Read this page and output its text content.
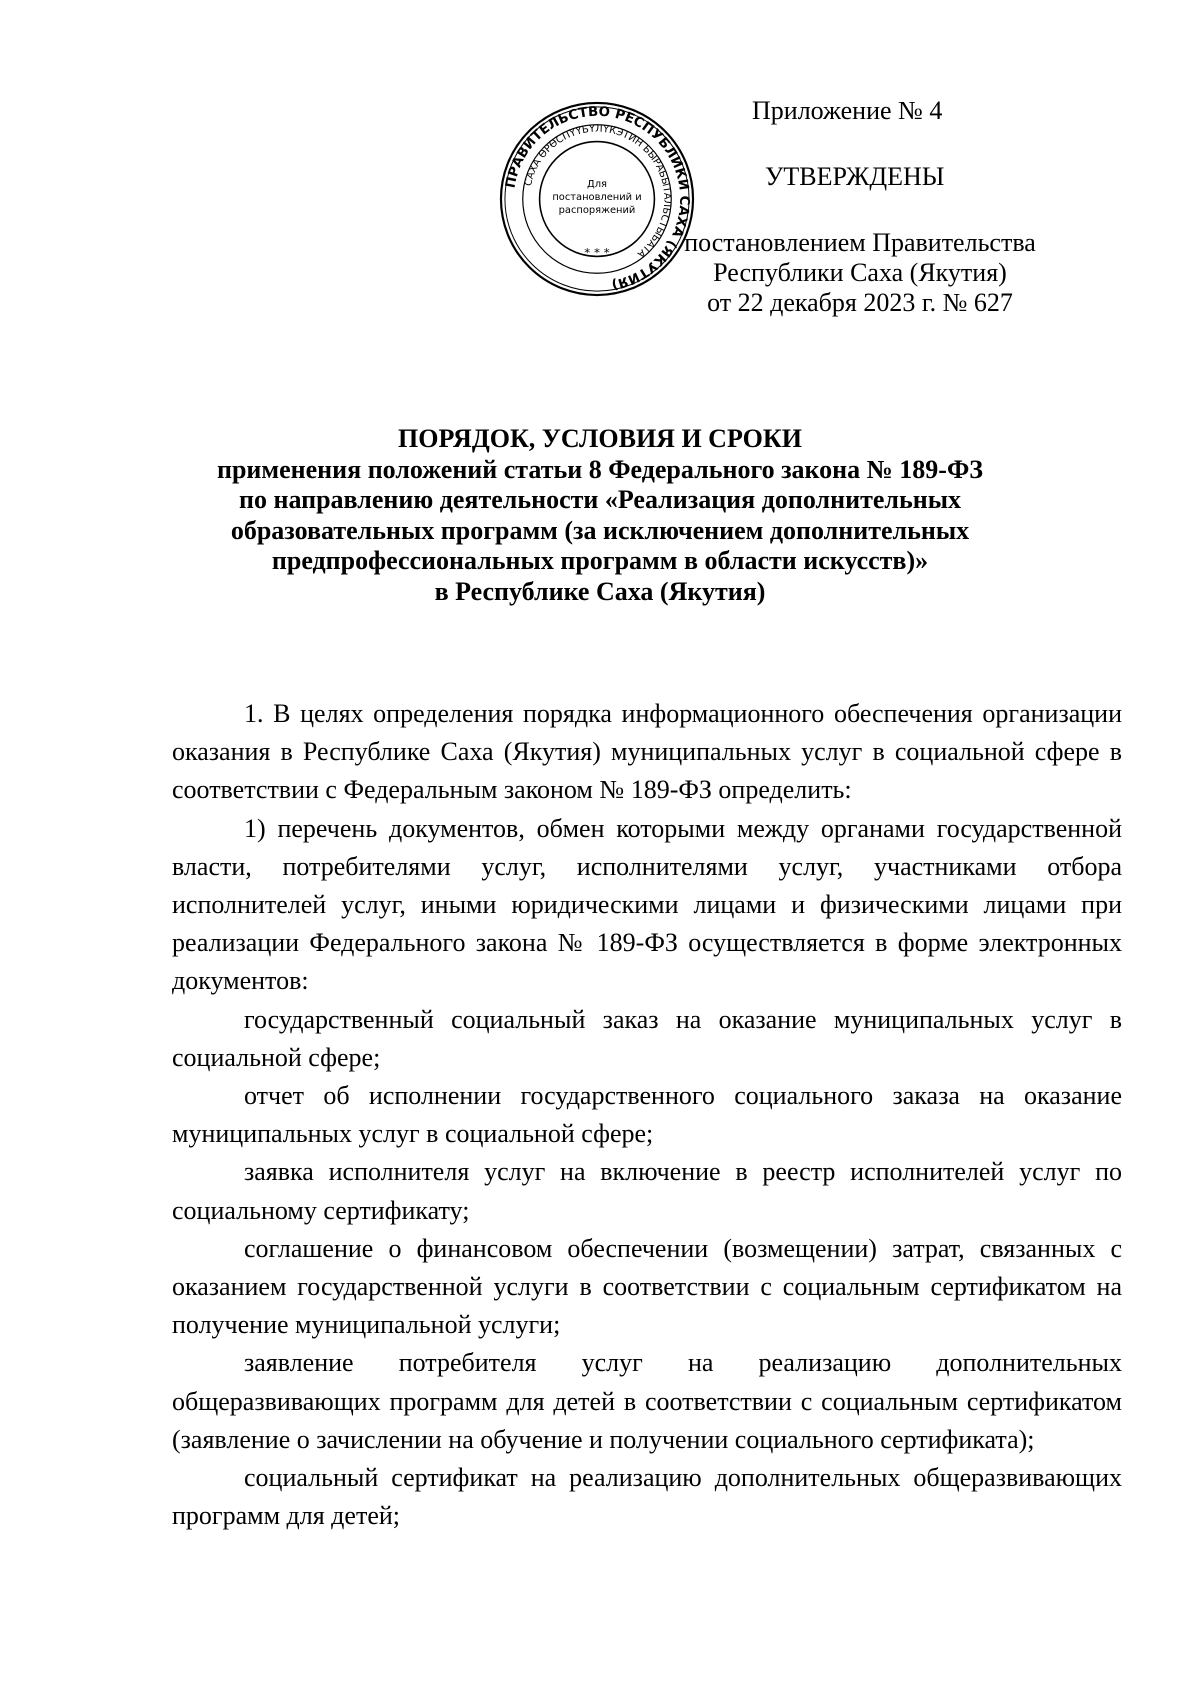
ПРАВИТЕЛЬСТВО РЕСПУБЛИКИ САХА (ЯКУТИЯ)
САХА ӨРӨСПҮҮБҮЛҮКЭТИН БЫРАБЫТАЛЬСТЫБАТА
* * *
Для
постановлений и
распоряжений
Приложение № 4
УТВЕРЖДЕНЫ
постановлением Правительства
Республики Саха (Якутия)
от 22 декабря 2023 г. № 627
ПОРЯДОК, УСЛОВИЯ И СРОКИ
применения положений статьи 8 Федерального закона № 189-ФЗ
по направлению деятельности «Реализация дополнительных
образовательных программ (за исключением дополнительных
предпрофессиональных программ в области искусств)»
в Республике Саха (Якутия)

1. В целях определения порядка информационного обеспечения организации оказания в Республике Саха (Якутия) муниципальных услуг в социальной сфере в соответствии с Федеральным законом № 189-ФЗ определить:

1) перечень документов, обмен которыми между органами государственной власти, потребителями услуг, исполнителями услуг, участниками отбора исполнителей услуг, иными юридическими лицами и физическими лицами при реализации Федерального закона № 189-ФЗ осуществляется в форме электронных документов:

государственный социальный заказ на оказание муниципальных услуг в социальной сфере;

отчет об исполнении государственного социального заказа на оказание муниципальных услуг в социальной сфере;

заявка исполнителя услуг на включение в реестр исполнителей услуг по социальному сертификату;

соглашение о финансовом обеспечении (возмещении) затрат, связанных с оказанием государственной услуги в соответствии с социальным сертификатом на получение муниципальной услуги;

заявление потребителя услуг на реализацию дополнительных общеразвивающих программ для детей в соответствии с социальным сертификатом (заявление о зачислении на обучение и получении социального сертификата);

социальный сертификат на реализацию дополнительных общеразвивающих программ для детей;
